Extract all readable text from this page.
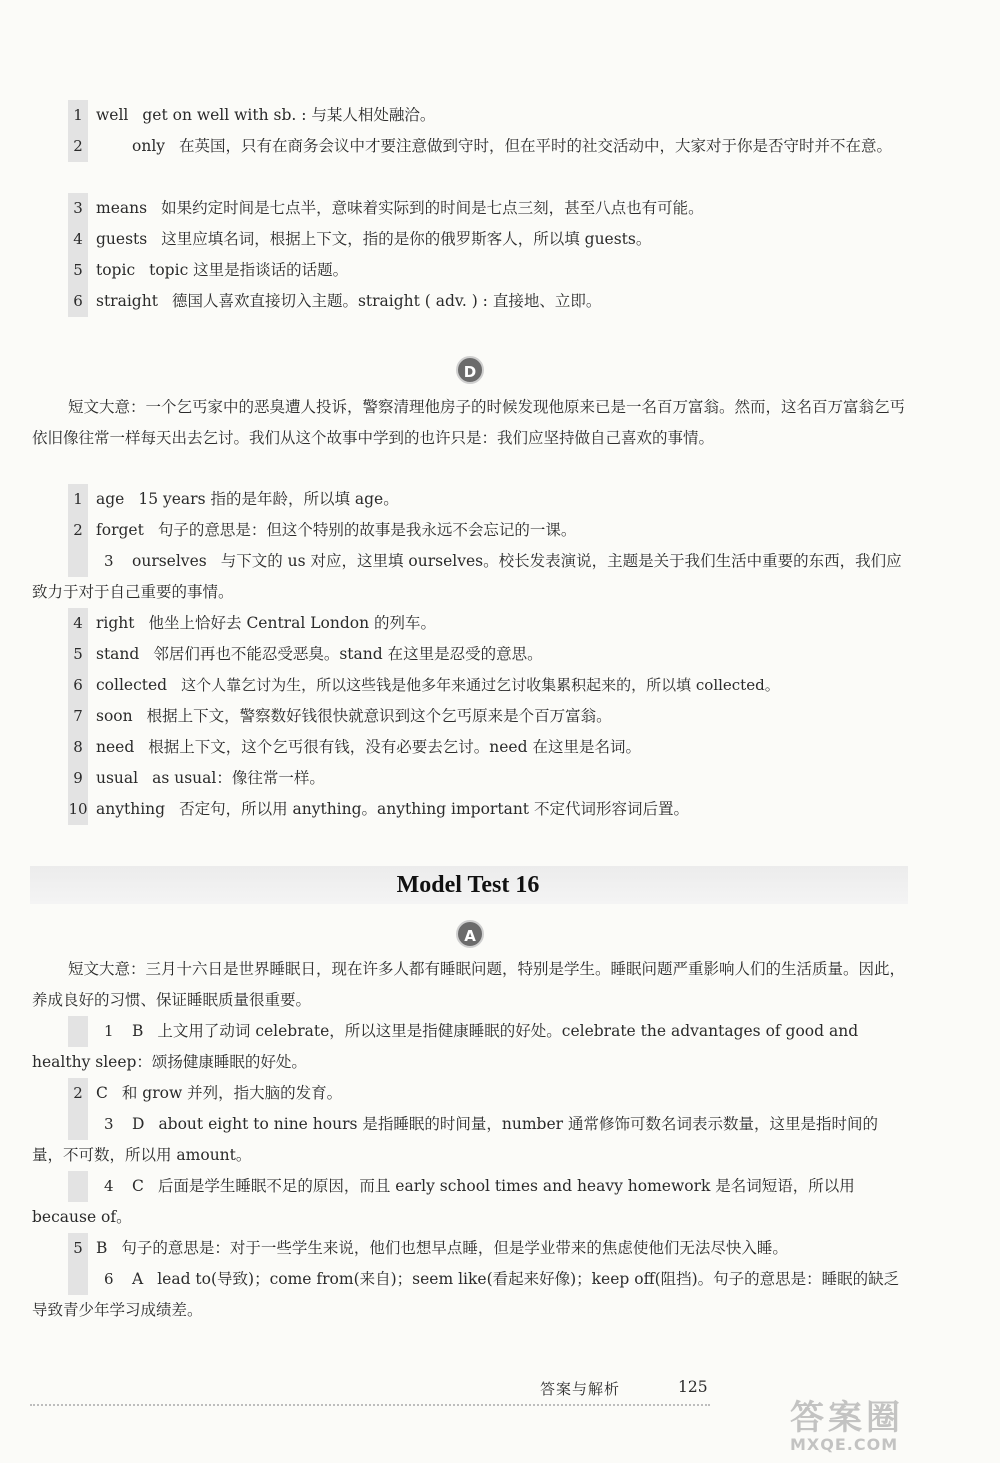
1 well get on well with sb. : 与某人相处融洽。
2	only 在英国，只有在商务会议中才要注意做到守时，但在平时的社交活动中，大家对于你是否守时并不在意。
3 means 如果约定时间是七点半，意味着实际到的时间是七点三刻，甚至八点也有可能。
4 guests 这里应填名词，根据上下文，指的是你的俄罗斯客人，所以填 guests。
5 topic topic 这里是指谈话的话题。
6 straight 德国人喜欢直接切入主题。straight ( adv. ) : 直接地、立即。
D
短文大意：一个乞丐家中的恶臭遭人投诉，警察清理他房子的时候发现他原来已是一名百万富翁。然而，这名百万富翁乞丐依旧像往常一样每天出去乞讨。我们从这个故事中学到的也许只是：我们应坚持做自己喜欢的事情。
1 age 15 years 指的是年龄，所以填 age。
2 forget 句子的意思是：但这个特别的故事是我永远不会忘记的一课。
3 ourselves 与下文的 us 对应，这里填 ourselves。校长发表演说，主题是关于我们生活中重要的东西，我们应致力于对于自己重要的事情。
4 right 他坐上恰好去 Central London 的列车。
5 stand 邻居们再也不能忍受恶臭。stand 在这里是忍受的意思。
6 collected 这个人靠乞讨为生，所以这些钱是他多年来通过乞讨收集累积起来的，所以填 collected。
7 soon 根据上下文，警察数好钱很快就意识到这个乞丐原来是个百万富翁。
8 need 根据上下文，这个乞丐很有钱，没有必要去乞讨。need 在这里是名词。
9 usual as usual：像往常一样。
10 anything 否定句，所以用 anything。anything important 不定代词形容词后置。
Model Test 16
A
短文大意：三月十六日是世界睡眠日，现在许多人都有睡眠问题，特别是学生。睡眠问题严重影响人们的生活质量。因此，养成良好的习惯、保证睡眠质量很重要。
1 B 上文用了动词 celebrate，所以这里是指健康睡眠的好处。celebrate the advantages of good and healthy sleep：颂扬健康睡眠的好处。
2 C 和 grow 并列，指大脑的发育。
3 D about eight to nine hours 是指睡眠的时间量，number 通常修饰可数名词表示数量，这里是指时间的量，不可数，所以用 amount。
4 C 后面是学生睡眠不足的原因，而且 early school times and heavy homework 是名词短语，所以用 because of。
5 B 句子的意思是：对于一些学生来说，他们也想早点睡，但是学业带来的焦虑使他们无法尽快入睡。
6 A lead to(导致)；come from(来自)；seem like(看起来好像)；keep off(阻挡)。句子的意思是：睡眠的缺乏导致青少年学习成绩差。
答案与解析	125
答案圈
MXQE.COM
